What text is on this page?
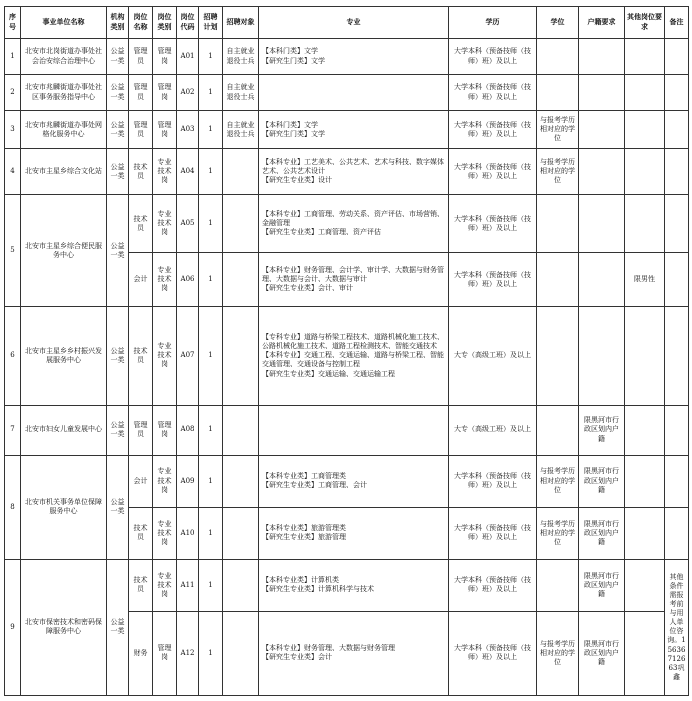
序号	事业单位名称	机构类别	岗位名称	岗位类别	岗位代码	招聘计划	招聘对象	专业	学历	学位	户籍要求	其他岗位要求	备注
1	北安市北岗街道办事处社会治安综合治理中心	公益一类	管理员	管理岗	A01	1	自主就业退役士兵	【本科门类】文学
【研究生门类】文学	大学本科（预备技师（技师）班）及以上				
2	北安市兆麟街道办事处社区事务服务指导中心	公益一类	管理员	管理岗	A02	1	自主就业退役士兵		大学本科（预备技师（技师）班）及以上				
3	北安市兆麟街道办事处网格化服务中心	公益一类	管理员	管理岗	A03	1	自主就业退役士兵	【本科门类】文学
【研究生门类】文学	大学本科（预备技师（技师）班）及以上	与报考学历相对应的学位			
4	北安市主星乡综合文化站	公益一类	技术员	专业技术岗	A04	1		【本科专业】工艺美术、公共艺术、艺术与科技、数字媒体艺术、公共艺术设计
【研究生专业类】设计	大学本科（预备技师（技师）班）及以上	与报考学历相对应的学位			
5	北安市主星乡综合便民服务中心	公益一类	技术员	专业技术岗	A05	1		【本科专业】工商管理、劳动关系、资产评估、市场营销、金融管理
【研究生专业类】工商管理、资产评估	大学本科（预备技师（技师）班）及以上				
			会计	专业技术岗	A06	1		【本科专业】财务管理、会计学、审计学、大数据与财务管理、大数据与会计、大数据与审计
【研究生专业类】会计、审计	大学本科（预备技师（技师）班）及以上			限男性	
6	北安市主星乡乡村振兴发展服务中心	公益一类	技术员	专业技术岗	A07	1		【专科专业】道路与桥梁工程技术、道路机械化施工技术、公路机械化施工技术、道路工程检测技术、智能交通技术
【本科专业】交通工程、交通运输、道路与桥梁工程、智能交通管理、交通设备与控制工程
【研究生专业类】交通运输、交通运输工程	大专（高级工班）及以上				
7	北安市妇女儿童发展中心	公益一类	管理员	管理岗	A08	1			大专（高级工班）及以上		限黑河市行政区划内户籍		
8	北安市机关事务单位保障服务中心	公益一类	会计	专业技术岗	A09	1		【本科专业类】工商管理类
【研究生专业类】工商管理、会计	大学本科（预备技师（技师）班）及以上	与报考学历相对应的学位	限黑河市行政区划内户籍		
			技术员	专业技术岗	A10	1		【本科专业类】旅游管理类
【研究生专业类】旅游管理	大学本科（预备技师（技师）班）及以上	与报考学历相对应的学位	限黑河市行政区划内户籍		
9	北安市保密技术和密码保障服务中心	公益一类	技术员	专业技术岗	A11	1		【本科专业类】计算机类
【研究生专业类】计算机科学与技术	大学本科（预备技师（技师）班）及以上		限黑河市行政区划内户籍		其他条件需报考前与用人单位咨询。15636712663巩鑫
			财务	管理岗	A12	1		【本科专业】财务管理、大数据与财务管理
【研究生专业类】会计	大学本科（预备技师（技师）班）及以上	与报考学历相对应的学位	限黑河市行政区划内户籍		
